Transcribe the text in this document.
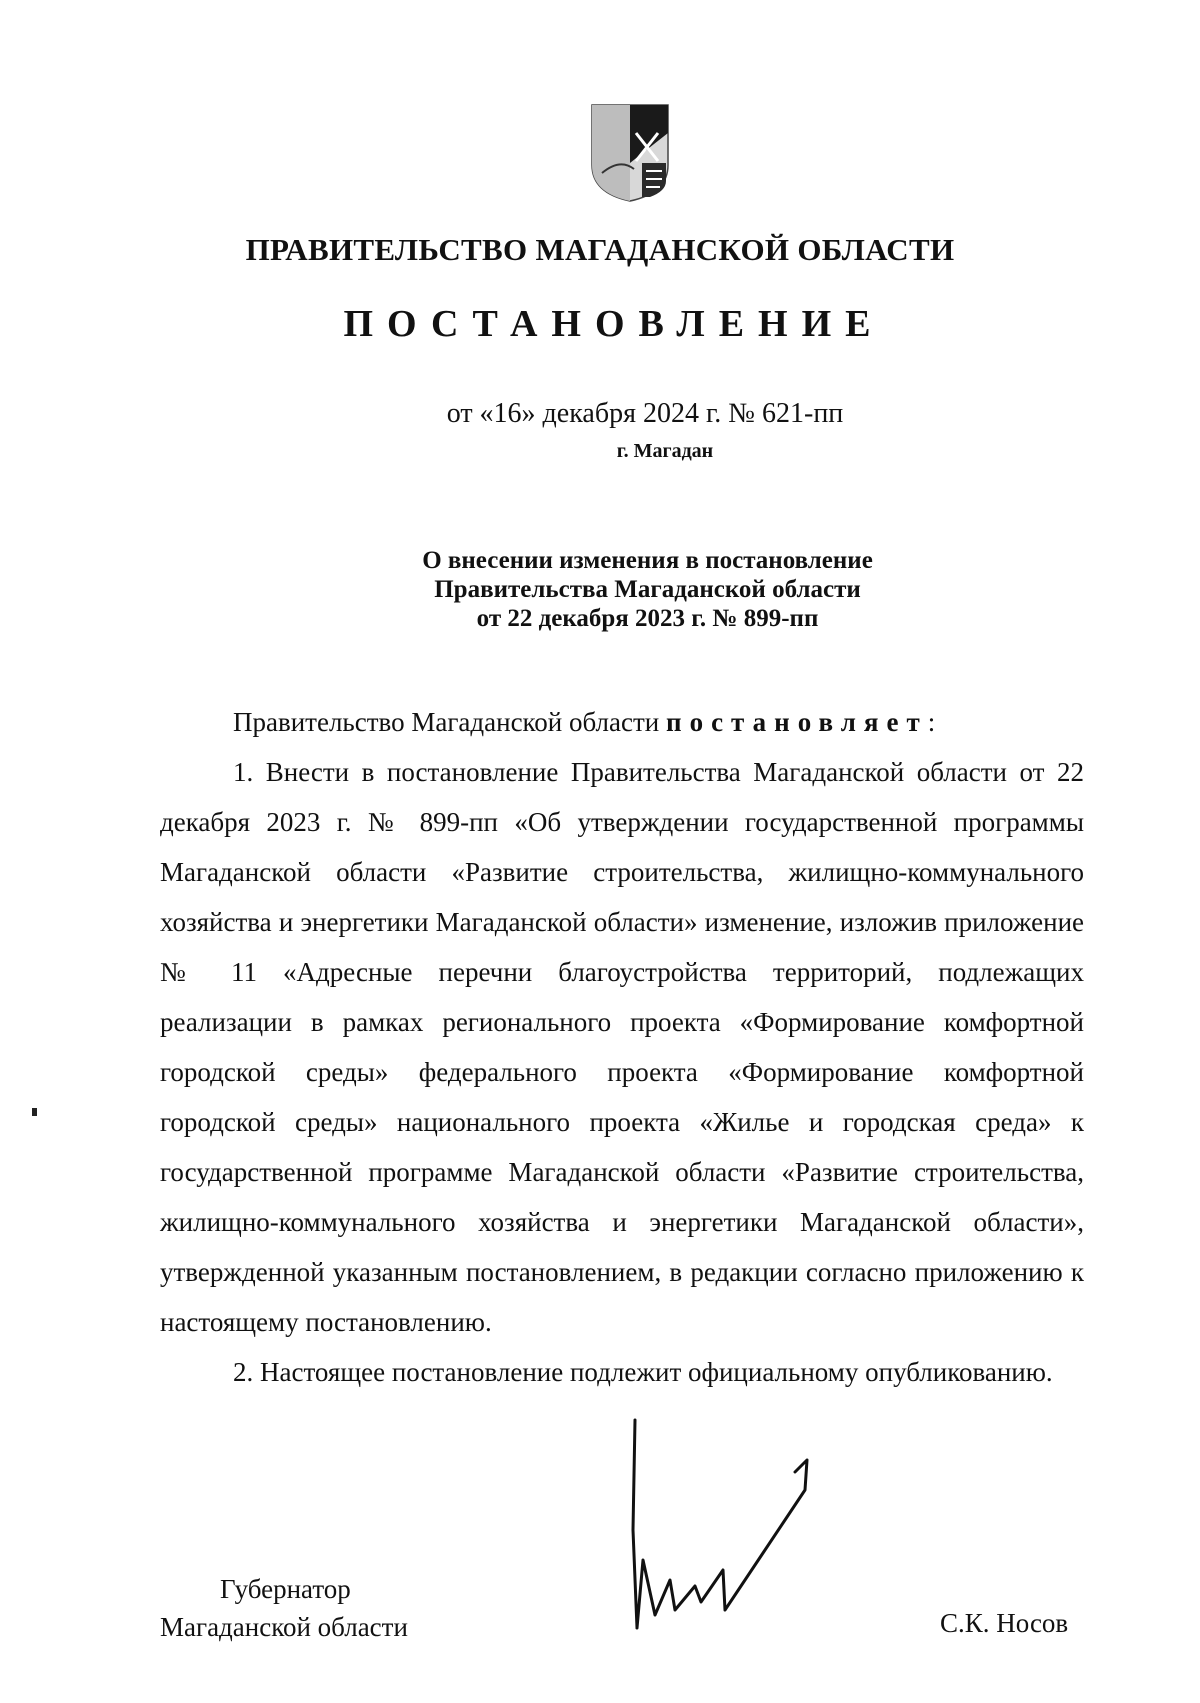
ПРАВИТЕЛЬСТВО МАГАДАНСКОЙ ОБЛАСТИ
ПОСТАНОВЛЕНИЕ
от «16» декабря 2024 г. № 621-пп
г. Магадан
О внесении изменения в постановление
Правительства Магаданской области
от 22 декабря 2023 г. № 899-пп

Правительство Магаданской области постановляет:

1. Внести в постановление Правительства Магаданской области от 22 декабря 2023 г. № 899-пп «Об утверждении государственной программы Магаданской области «Развитие строительства, жилищно-коммунального хозяйства и энергетики Магаданской области» изменение, изложив приложение № 11 «Адресные перечни благоустройства территорий, подлежащих реализации в рамках регионального проекта «Формирование комфортной городской среды» федерального проекта «Формирование комфортной городской среды» национального проекта «Жилье и городская среда» к государственной программе Магаданской области «Развитие строительства, жилищно-коммунального хозяйства и энергетики Магаданской области», утвержденной указанным постановлением, в редакции согласно приложению к настоящему постановлению.

2. Настоящее постановление подлежит официальному опубликованию.

Губернатор
Магаданской области	С.К. Носов
